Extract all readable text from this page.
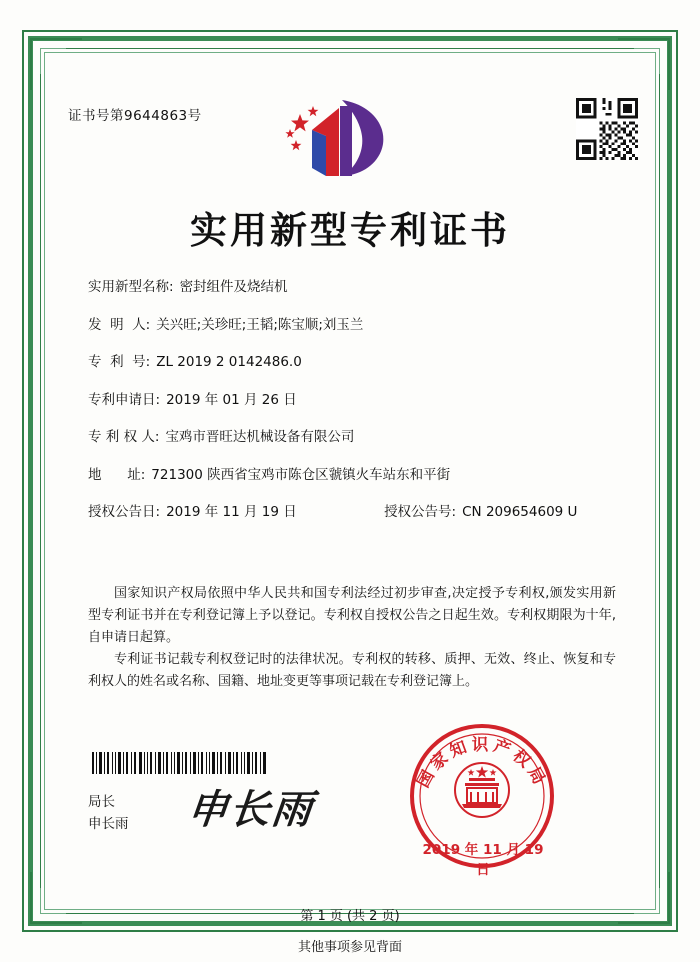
证书号第9644863号
实用新型专利证书
实用新型名称: 密封组件及烧结机
发  明  人: 关兴旺;关珍旺;王韬;陈宝顺;刘玉兰
专  利  号: ZL 2019 2 0142486.0
专利申请日: 2019 年 01 月 26 日
专 利 权 人: 宝鸡市晋旺达机械设备有限公司
地      址: 721300 陕西省宝鸡市陈仓区虢镇火车站东和平街
授权公告日: 2019 年 11 月 19 日	授权公告号: CN 209654609 U

国家知识产权局依照中华人民共和国专利法经过初步审查,决定授予专利权,颁发实用新型专利证书并在专利登记簿上予以登记。专利权自授权公告之日起生效。专利权期限为十年,自申请日起算。

专利证书记载专利权登记时的法律状况。专利权的转移、质押、无效、终止、恢复和专利权人的姓名或名称、国籍、地址变更等事项记载在专利登记簿上。

局长
申长雨 申长雨
国家知识产权局
2019 年 11 月 19 日
第 1 页 (共 2 页)
其他事项参见背面
